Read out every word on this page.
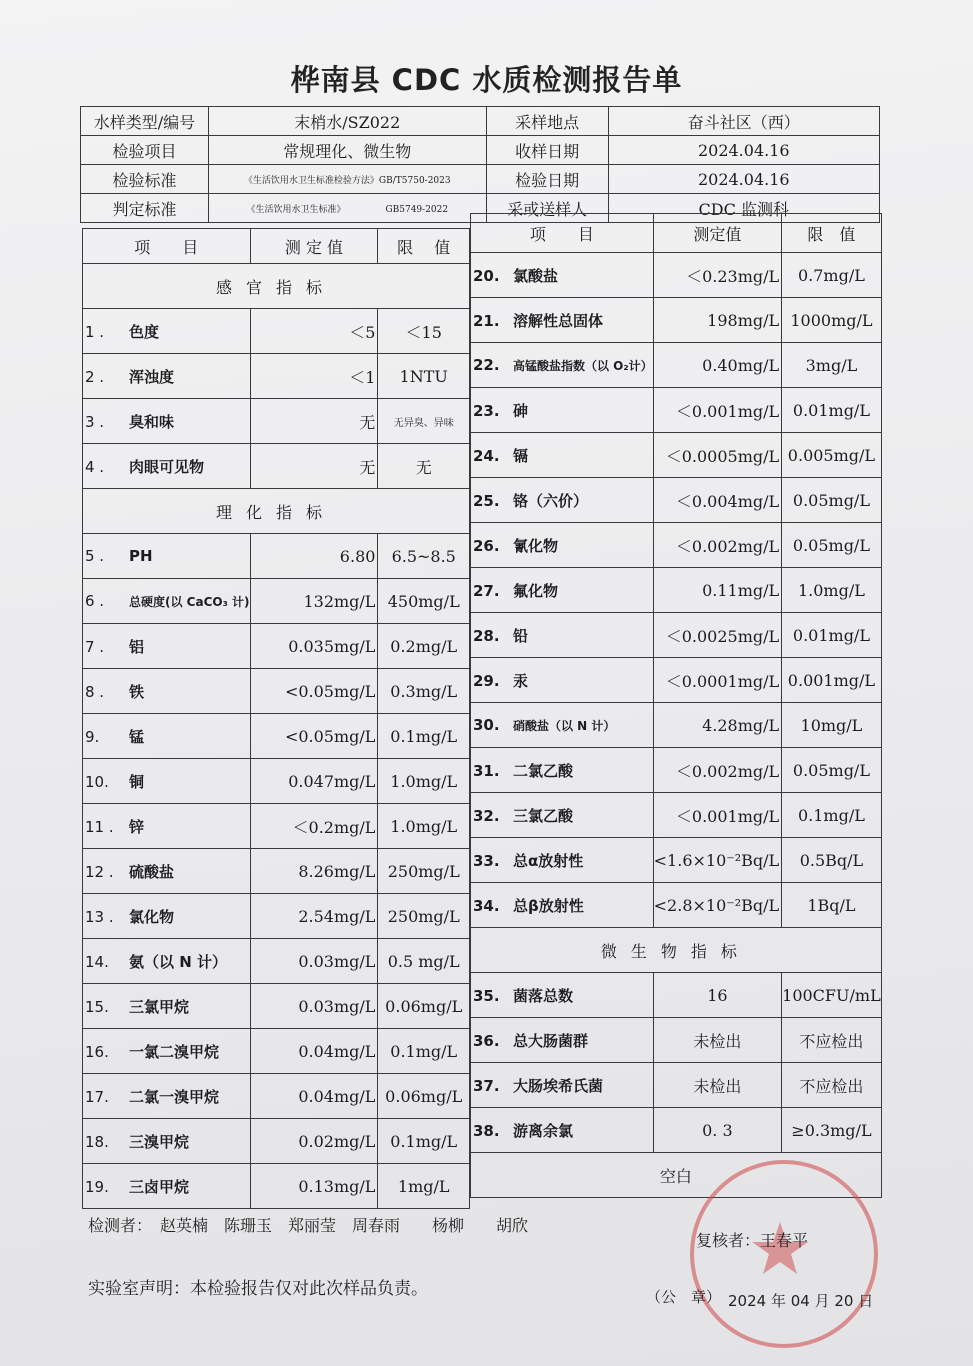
桦南县 CDC 水质检测报告单
水样类型/编号	末梢水/SZ022	采样地点	奋斗社区（西）
检验项目	常规理化、微生物	收样日期	2024.04.16
检验标准	《生活饮用水卫生标准检验方法》GB/T5750-2023	检验日期	2024.04.16
判定标准	《生活饮用水卫生标准》 GB5749-2022	采或送样人	CDC 监测科
项　　目	测 定 值	限　 值
感官指标		
1 . 色度	＜5	＜15
2 . 浑浊度	＜1	1NTU
3 . 臭和味	无	无异臭、异味
4 . 肉眼可见物	无	无
理化指标		
5 . PH	6.80	6.5~8.5
6 . 总硬度(以 CaCO₃ 计)	132mg/L	450mg/L
7 . 铝	0.035mg/L	0.2mg/L
8 . 铁	<0.05mg/L	0.3mg/L
9. 锰	<0.05mg/L	0.1mg/L
10. 铜	0.047mg/L	1.0mg/L
11 . 锌	＜0.2mg/L	1.0mg/L
12 . 硫酸盐	8.26mg/L	250mg/L
13 . 氯化物	2.54mg/L	250mg/L
14. 氨（以 N 计）	0.03mg/L	0.5 mg/L
15. 三氯甲烷	0.03mg/L	0.06mg/L
16. 一氯二溴甲烷	0.04mg/L	0.1mg/L
17. 二氯一溴甲烷	0.04mg/L	0.06mg/L
18. 三溴甲烷	0.02mg/L	0.1mg/L
19. 三卤甲烷	0.13mg/L	1mg/L
项　　目	测定值	限　值
20. 氯酸盐	＜0.23mg/L	0.7mg/L
21. 溶解性总固体	198mg/L	1000mg/L
22. 高锰酸盐指数（以 O₂计）	0.40mg/L	3mg/L
23. 砷	＜0.001mg/L	0.01mg/L
24. 镉	＜0.0005mg/L	0.005mg/L
25. 铬（六价）	＜0.004mg/L	0.05mg/L
26. 氰化物	＜0.002mg/L	0.05mg/L
27. 氟化物	0.11mg/L	1.0mg/L
28. 铅	＜0.0025mg/L	0.01mg/L
29. 汞	＜0.0001mg/L	0.001mg/L
30. 硝酸盐（以 N 计）	4.28mg/L	10mg/L
31. 二氯乙酸	＜0.002mg/L	0.05mg/L
32. 三氯乙酸	＜0.001mg/L	0.1mg/L
33. 总α放射性	<1.6×10⁻²Bq/L	0.5Bq/L
34. 总β放射性	<2.8×10⁻²Bq/L	1Bq/L
微生物指标		
35. 菌落总数	16	100CFU/mL
36. 总大肠菌群	未检出	不应检出
37. 大肠埃希氏菌	未检出	不应检出
38. 游离余氯	0. 3	≥0.3mg/L
空白		
检测者：　赵英楠　陈珊玉　郑丽莹　周春雨　　杨柳　　胡欣
复核者：王春平
实验室声明：本检验报告仅对此次样品负责。	（公　章） 2024 年 04 月 20 日
